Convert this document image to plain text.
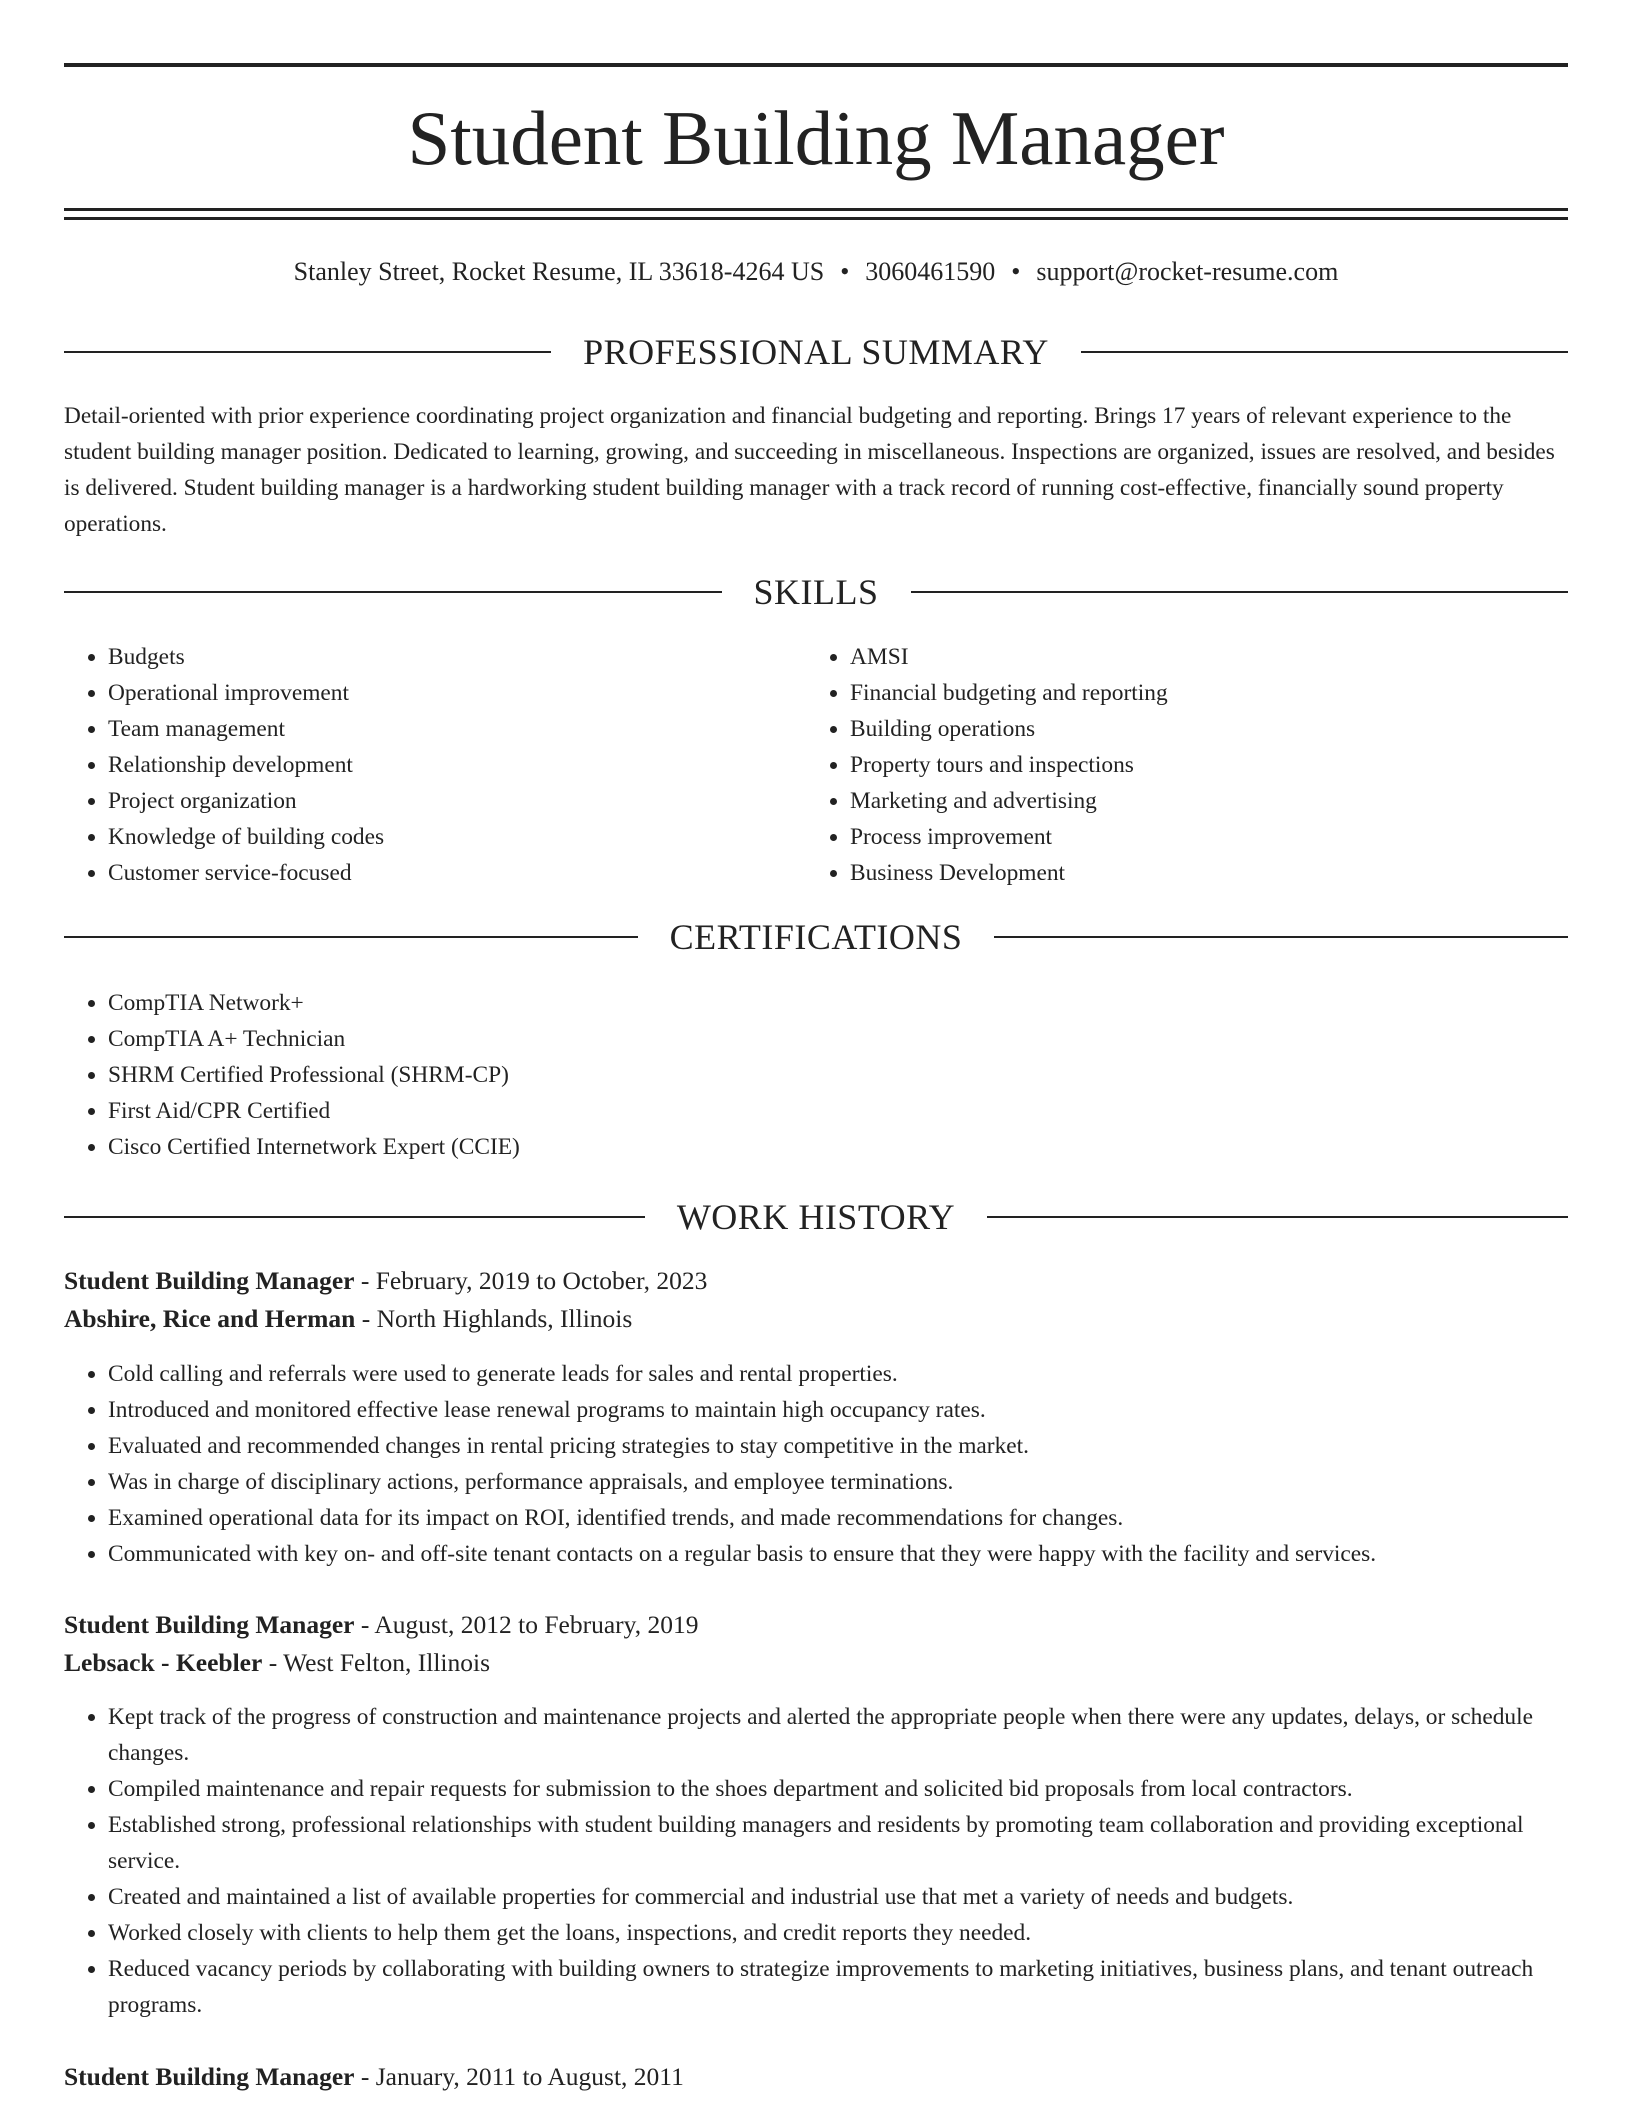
Student Building Manager
Stanley Street, Rocket Resume, IL 33618-4264 US • 3060461590 • support@rocket-resume.com
PROFESSIONAL SUMMARY

Detail-oriented with prior experience coordinating project organization and financial budgeting and reporting. Brings 17 years of relevant experience to the student building manager position. Dedicated to learning, growing, and succeeding in miscellaneous. Inspections are organized, issues are resolved, and besides is delivered. Student building manager is a hardworking student building manager with a track record of running cost-effective, financially sound property operations.

SKILLS
• Budgets
• Operational improvement
• Team management
• Relationship development
• Project organization
• Knowledge of building codes
• Customer service-focused
• AMSI
• Financial budgeting and reporting
• Building operations
• Property tours and inspections
• Marketing and advertising
• Process improvement
• Business Development
CERTIFICATIONS
• CompTIA Network+
• CompTIA A+ Technician
• SHRM Certified Professional (SHRM-CP)
• First Aid/CPR Certified
• Cisco Certified Internetwork Expert (CCIE)
WORK HISTORY
Student Building Manager - February, 2019 to October, 2023
Abshire, Rice and Herman - North Highlands, Illinois
• Cold calling and referrals were used to generate leads for sales and rental properties.
• Introduced and monitored effective lease renewal programs to maintain high occupancy rates.
• Evaluated and recommended changes in rental pricing strategies to stay competitive in the market.
• Was in charge of disciplinary actions, performance appraisals, and employee terminations.
• Examined operational data for its impact on ROI, identified trends, and made recommendations for changes.
• Communicated with key on- and off-site tenant contacts on a regular basis to ensure that they were happy with the facility and services.
Student Building Manager - August, 2012 to February, 2019
Lebsack - Keebler - West Felton, Illinois
• Kept track of the progress of construction and maintenance projects and alerted the appropriate people when there were any updates, delays, or schedule changes.
• Compiled maintenance and repair requests for submission to the shoes department and solicited bid proposals from local contractors.
• Established strong, professional relationships with student building managers and residents by promoting team collaboration and providing exceptional service.
• Created and maintained a list of available properties for commercial and industrial use that met a variety of needs and budgets.
• Worked closely with clients to help them get the loans, inspections, and credit reports they needed.
• Reduced vacancy periods by collaborating with building owners to strategize improvements to marketing initiatives, business plans, and tenant outreach programs.
Student Building Manager - January, 2011 to August, 2011
